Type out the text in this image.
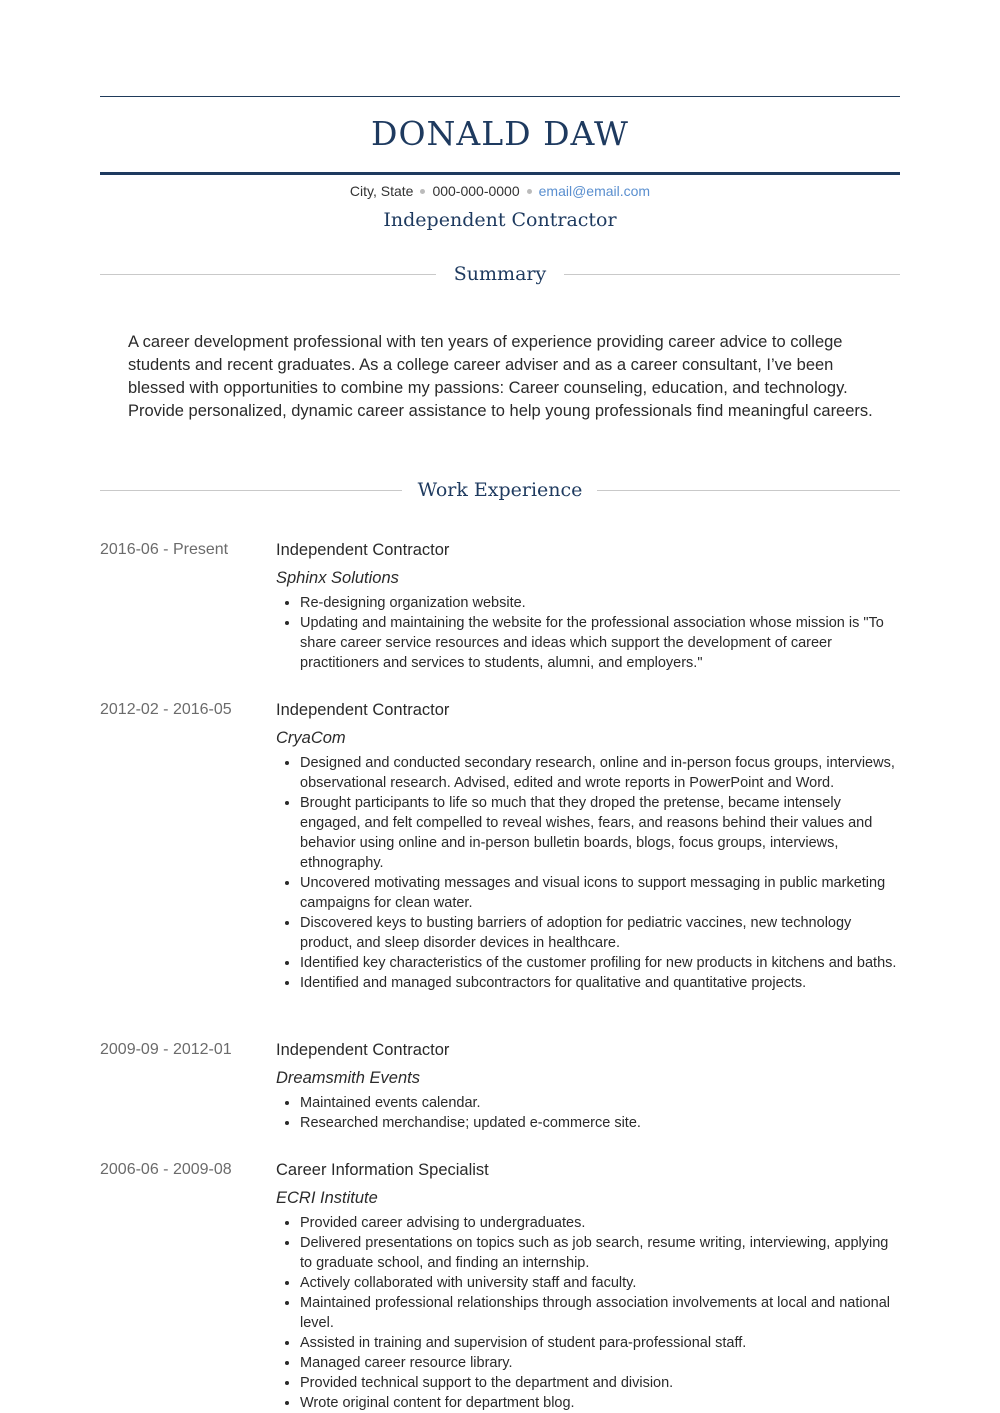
DONALD DAW
City, State 000-000-0000 email@email.com
Independent Contractor
Summary
A career development professional with ten years of experience providing career advice to college students and recent graduates. As a college career adviser and as a career consultant, I’ve been blessed with opportunities to combine my passions: Career counseling, education, and technology. Provide personalized, dynamic career assistance to help young professionals find meaningful careers.
Work Experience
2016-06 - Present	Independent Contractor
Sphinx Solutions
• Re-designing organization website.
• Updating and maintaining the website for the professional association whose mission is "To share career service resources and ideas which support the development of career practitioners and services to students, alumni, and employers."
2012-02 - 2016-05	Independent Contractor
CryaCom
• Designed and conducted secondary research, online and in-person focus groups, interviews, observational research. Advised, edited and wrote reports in PowerPoint and Word.
• Brought participants to life so much that they droped the pretense, became intensely engaged, and felt compelled to reveal wishes, fears, and reasons behind their values and behavior using online and in-person bulletin boards, blogs, focus groups, interviews, ethnography.
• Uncovered motivating messages and visual icons to support messaging in public marketing campaigns for clean water.
• Discovered keys to busting barriers of adoption for pediatric vaccines, new technology product, and sleep disorder devices in healthcare.
• Identified key characteristics of the customer profiling for new products in kitchens and baths.
• Identified and managed subcontractors for qualitative and quantitative projects.
2009-09 - 2012-01	Independent Contractor
Dreamsmith Events
• Maintained events calendar.
• Researched merchandise; updated e-commerce site.
2006-06 - 2009-08	Career Information Specialist
ECRI Institute
• Provided career advising to undergraduates.
• Delivered presentations on topics such as job search, resume writing, interviewing, applying to graduate school, and finding an internship.
• Actively collaborated with university staff and faculty.
• Maintained professional relationships through association involvements at local and national level.
• Assisted in training and supervision of student para-professional staff.
• Managed career resource library.
• Provided technical support to the department and division.
• Wrote original content for department blog.
